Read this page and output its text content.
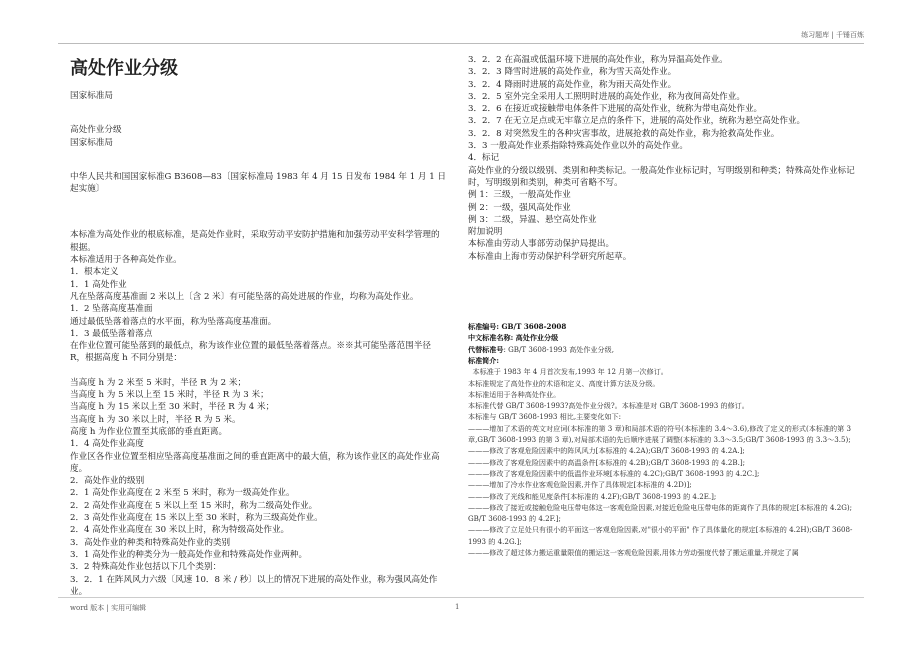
练习题库 | 千锤百炼
高处作业分级

国家标准局

高处作业分级

国家标准局

中华人民共和国国家标准G B3608—83〔国家标准局 1983 年 4 月 15 日发布 1984 年 1 月 1 日起实施〕

本标准为高处作业的根底标准，是高处作业时，采取劳动平安防护措施和加强劳动平安科学管理的根据。

本标准适用于各种高处作业。

1．根本定义

1．1 高处作业

凡在坠落高度基准面 2 米以上〔含 2 米〕有可能坠落的高处进展的作业，均称为高处作业。

1．2 坠落高度基准面

通过最低坠落着落点的水平面，称为坠落高度基准面。

1．3 最低坠落着落点

在作业位置可能坠落到的最低点，称为该作业位置的最低坠落着落点。※※其可能坠落范围半径 R，根据高度 h 不同分别是：

当高度 h 为 2 米至 5 米时，半径 R 为 2 米；

当高度 h 为 5 米以上至 15 米时，半径 R 为 3 米；

当高度 h 为 15 米以上至 30 米时，半径 R 为 4 米；

当高度 h 为 30 米以上时，半径 R 为 5 米。

高度 h 为作业位置至其底部的垂直距离。

1．4 高处作业高度

作业区各作业位置至相应坠落高度基准面之间的垂直距离中的最大值，称为该作业区的高处作业高度。

2．高处作业的级别

2．1 高处作业高度在 2 米至 5 米时，称为一级高处作业。

2．2 高处作业高度在 5 米以上至 15 米时，称为二级高处作业。

2．3 高处作业高度在 15 米以上至 30 米时，称为三级高处作业。

2．4 高处作业高度在 30 米以上时，称为特级高处作业。

3．高处作业的种类和特殊高处作业的类别

3．1 高处作业的种类分为一般高处作业和特殊高处作业两种。

3．2 特殊高处作业包括以下几个类别：

3．2．1 在阵风风力六级〔风速 10．8 米 / 秒〕以上的情况下进展的高处作业，称为强风高处作业。

3．2．2 在高温或低温环境下进展的高处作业，称为异温高处作业。

3．2．3 降雪时进展的高处作业，称为雪天高处作业。

3．2．4 降雨时进展的高处作业，称为雨天高处作业。

3．2．5 室外完全采用人工照明时进展的高处作业，称为夜间高处作业。

3．2．6 在接近或接触带电体条件下进展的高处作业，统称为带电高处作业。

3．2．7 在无立足点或无牢靠立足点的条件下，进展的高处作业，统称为悬空高处作业。

3．2．8 对突然发生的各种灾害事故，进展抢救的高处作业，称为抢救高处作业。

3．3 一般高处作业系指除特殊高处作业以外的高处作业。

4．标记

高处作业的分级以级别、类别和种类标记。一般高处作业标记时，写明级别和种类；特殊高处作业标记时，写明级别和类别，种类可省略不写。

例 1：三级，一般高处作业

例 2：一级，强风高处作业

例 3：二级，异温、悬空高处作业

附加说明

本标准由劳动人事部劳动保护局提出。

本标准由上海市劳动保护科学研究所起草。

标准编号: GB/T 3608-2008

中文标准名称: 高处作业分级

代替标准号: GB/T 3608-1993 高处作业分级,

标准简介:

本标准于 1983 年 4 月首次发布,1993 年 12 月第一次修订。

本标准规定了高处作业的术语和定义、高度计算方法及分级。

本标准适用于各种高处作业。

本标准代替 GB/T 3608-1993?高处作业分级?。本标准是对 GB/T 3608-1993 的修订。

本标准与 GB/T 3608-1993 相比,主要变化如下:

———增加了术语的英文对应词(本标准的第 3 章)和局部术语的符号(本标准的 3.4～3.6),修改了定义的形式(本标准的第 3 章,GB/T 3608-1993 的第 3 章),对局部术语的先后顺序进展了调整(本标准的 3.3～3.5;GB/T 3608-1993 的 3.3～3.5);

———修改了客观危险因素中的阵风风力[本标准的 4.2A);GB/T 3608-1993 的 4.2A.];

———修改了客观危险因素中的高温条件[本标准的 4.2B);GB/T 3608-1993 的 4.2B.];

———修改了客观危险因素中的低温作业环境[本标准的 4.2C);GB/T 3608-1993 的 4.2C.];

———增加了冷水作业客观危险因素,并作了具体规定[本标准的 4.2D)];

———修改了光线和能见度条件[本标准的 4.2F);GB/T 3608-1993 的 4.2E.];

———修改了接近或接触危险电压带电体这一客观危险因素,对接近危险电压带电体的距离作了具体的规定[本标准的 4.2G);GB/T 3608-1993 的 4.2F.];

———修改了立足处只有很小的平面这一客观危险因素,对"很小的平面" 作了具体量化的规定[本标准的 4.2H);GB/T 3608-1993 的 4.2G.];

———修改了超过体力搬运重量限值的搬运这一客观危险因素,用体力劳动强度代替了搬运重量,并规定了属

word 版本 | 实用可编辑	1
